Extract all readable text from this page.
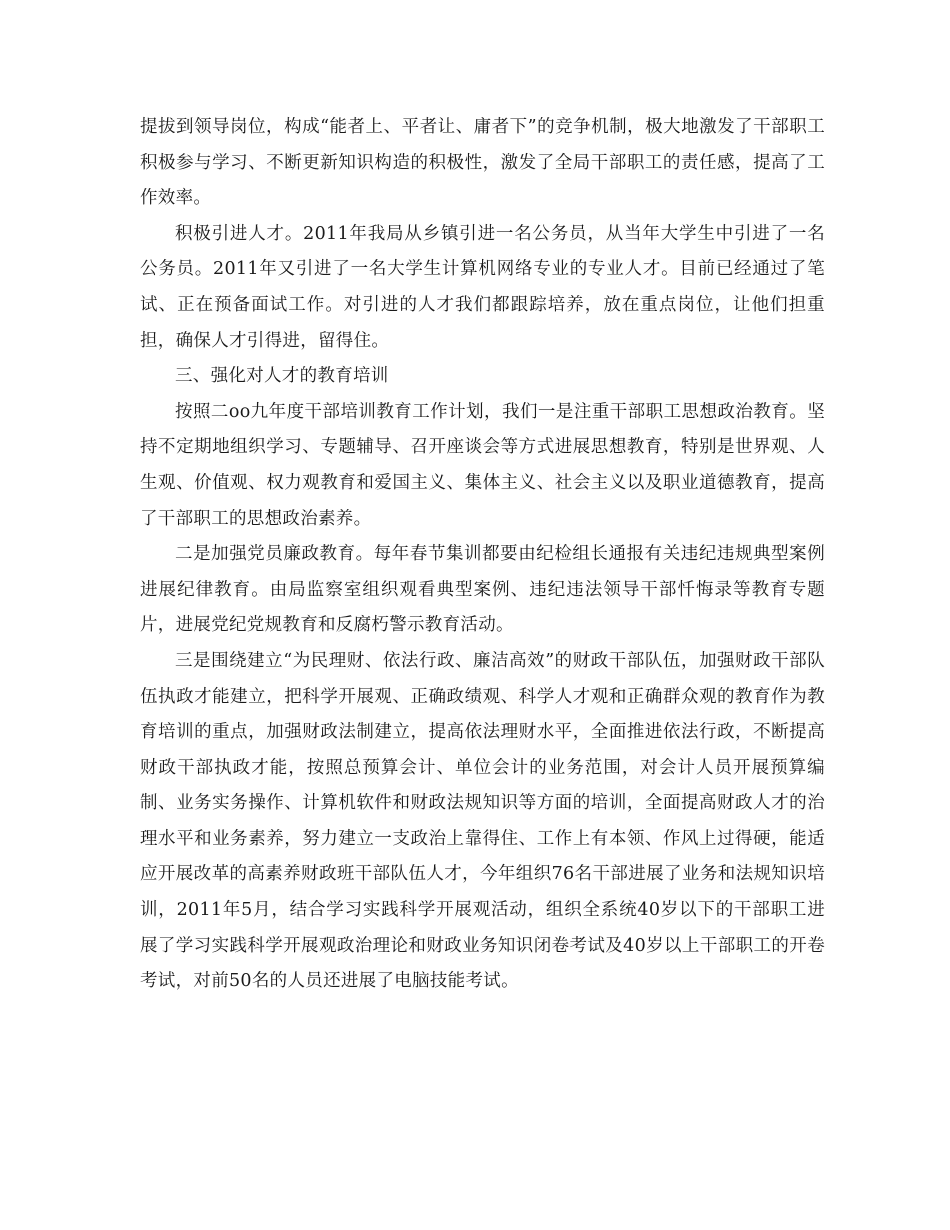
提拔到领导岗位，构成“能者上、平者让、庸者下”的竞争机制，极大地激发了干部职工积极参与学习、不断更新知识构造的积极性，激发了全局干部职工的责任感，提高了工作效率。

积极引进人才。2011年我局从乡镇引进一名公务员，从当年大学生中引进了一名公务员。2011年又引进了一名大学生计算机网络专业的专业人才。目前已经通过了笔试、正在预备面试工作。对引进的人才我们都跟踪培养，放在重点岗位，让他们担重担，确保人才引得进，留得住。

三、强化对人才的教育培训

按照二oo九年度干部培训教育工作计划，我们一是注重干部职工思想政治教育。坚持不定期地组织学习、专题辅导、召开座谈会等方式进展思想教育，特别是世界观、人生观、价值观、权力观教育和爱国主义、集体主义、社会主义以及职业道德教育，提高了干部职工的思想政治素养。

二是加强党员廉政教育。每年春节集训都要由纪检组长通报有关违纪违规典型案例进展纪律教育。由局监察室组织观看典型案例、违纪违法领导干部忏悔录等教育专题片，进展党纪党规教育和反腐朽警示教育活动。

三是围绕建立“为民理财、依法行政、廉洁高效”的财政干部队伍，加强财政干部队伍执政才能建立，把科学开展观、正确政绩观、科学人才观和正确群众观的教育作为教育培训的重点，加强财政法制建立，提高依法理财水平，全面推进依法行政，不断提高财政干部执政才能，按照总预算会计、单位会计的业务范围，对会计人员开展预算编制、业务实务操作、计算机软件和财政法规知识等方面的培训，全面提高财政人才的治理水平和业务素养，努力建立一支政治上靠得住、工作上有本领、作风上过得硬，能适应开展改革的高素养财政班干部队伍人才，今年组织76名干部进展了业务和法规知识培训，2011年5月，结合学习实践科学开展观活动，组织全系统40岁以下的干部职工进展了学习实践科学开展观政治理论和财政业务知识闭卷考试及40岁以上干部职工的开卷考试，对前50名的人员还进展了电脑技能考试。
